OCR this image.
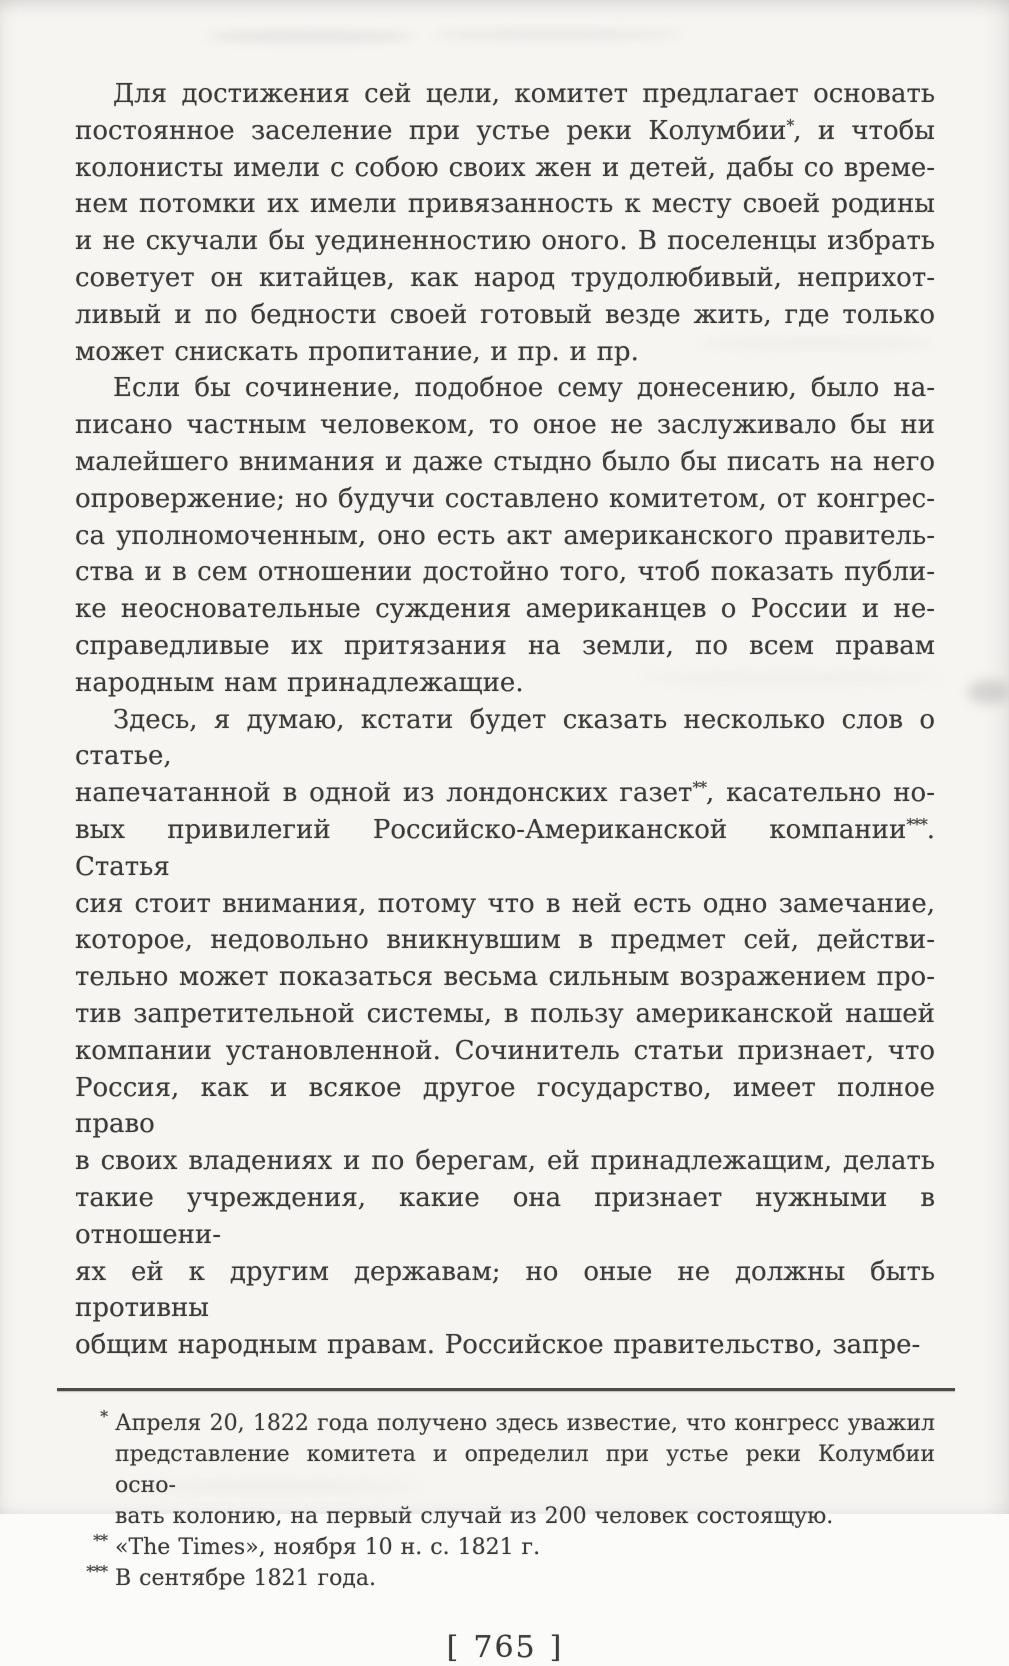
Для достижения сей цели, комитет предлагает основать
постоянное заселение при устье реки Колумбии*, и чтобы
колонисты имели с собою своих жен и детей, дабы со време-
нем потомки их имели привязанность к месту своей родины
и не скучали бы уединенностию оного. В поселенцы избрать
советует он китайцев, как народ трудолюбивый, неприхот-
ливый и по бедности своей готовый везде жить, где только
может снискать пропитание, и пр. и пр.
Если бы сочинение, подобное сему донесению, было на-
писано частным человеком, то оное не заслуживало бы ни
малейшего внимания и даже стыдно было бы писать на него
опровержение; но будучи составлено комитетом, от конгрес-
са уполномоченным, оно есть акт американского правитель-
ства и в сем отношении достойно того, чтоб показать публи-
ке неосновательные суждения американцев о России и не-
справедливые их притязания на земли, по всем правам
народным нам принадлежащие.
Здесь, я думаю, кстати будет сказать несколько слов о статье,
напечатанной в одной из лондонских газет**, касательно но-
вых привилегий Российско-Американской компании***. Статья
сия стоит внимания, потому что в ней есть одно замечание,
которое, недовольно вникнувшим в предмет сей, действи-
тельно может показаться весьма сильным возражением про-
тив запретительной системы, в пользу американской нашей
компании установленной. Сочинитель статьи признает, что
Россия, как и всякое другое государство, имеет полное право
в своих владениях и по берегам, ей принадлежащим, делать
такие учреждения, какие она признает нужными в отношени-
ях ей к другим державам; но оные не должны быть противны
общим народным правам. Российское правительство, запре-
* Апреля 20, 1822 года получено здесь известие, что конгресс уважил
представление комитета и определил при устье реки Колумбии осно-
вать колонию, на первый случай из 200 человек состоящую.
** «The Times», ноября 10 н. с. 1821 г.
*** В сентябре 1821 года.
[ 765 ]
